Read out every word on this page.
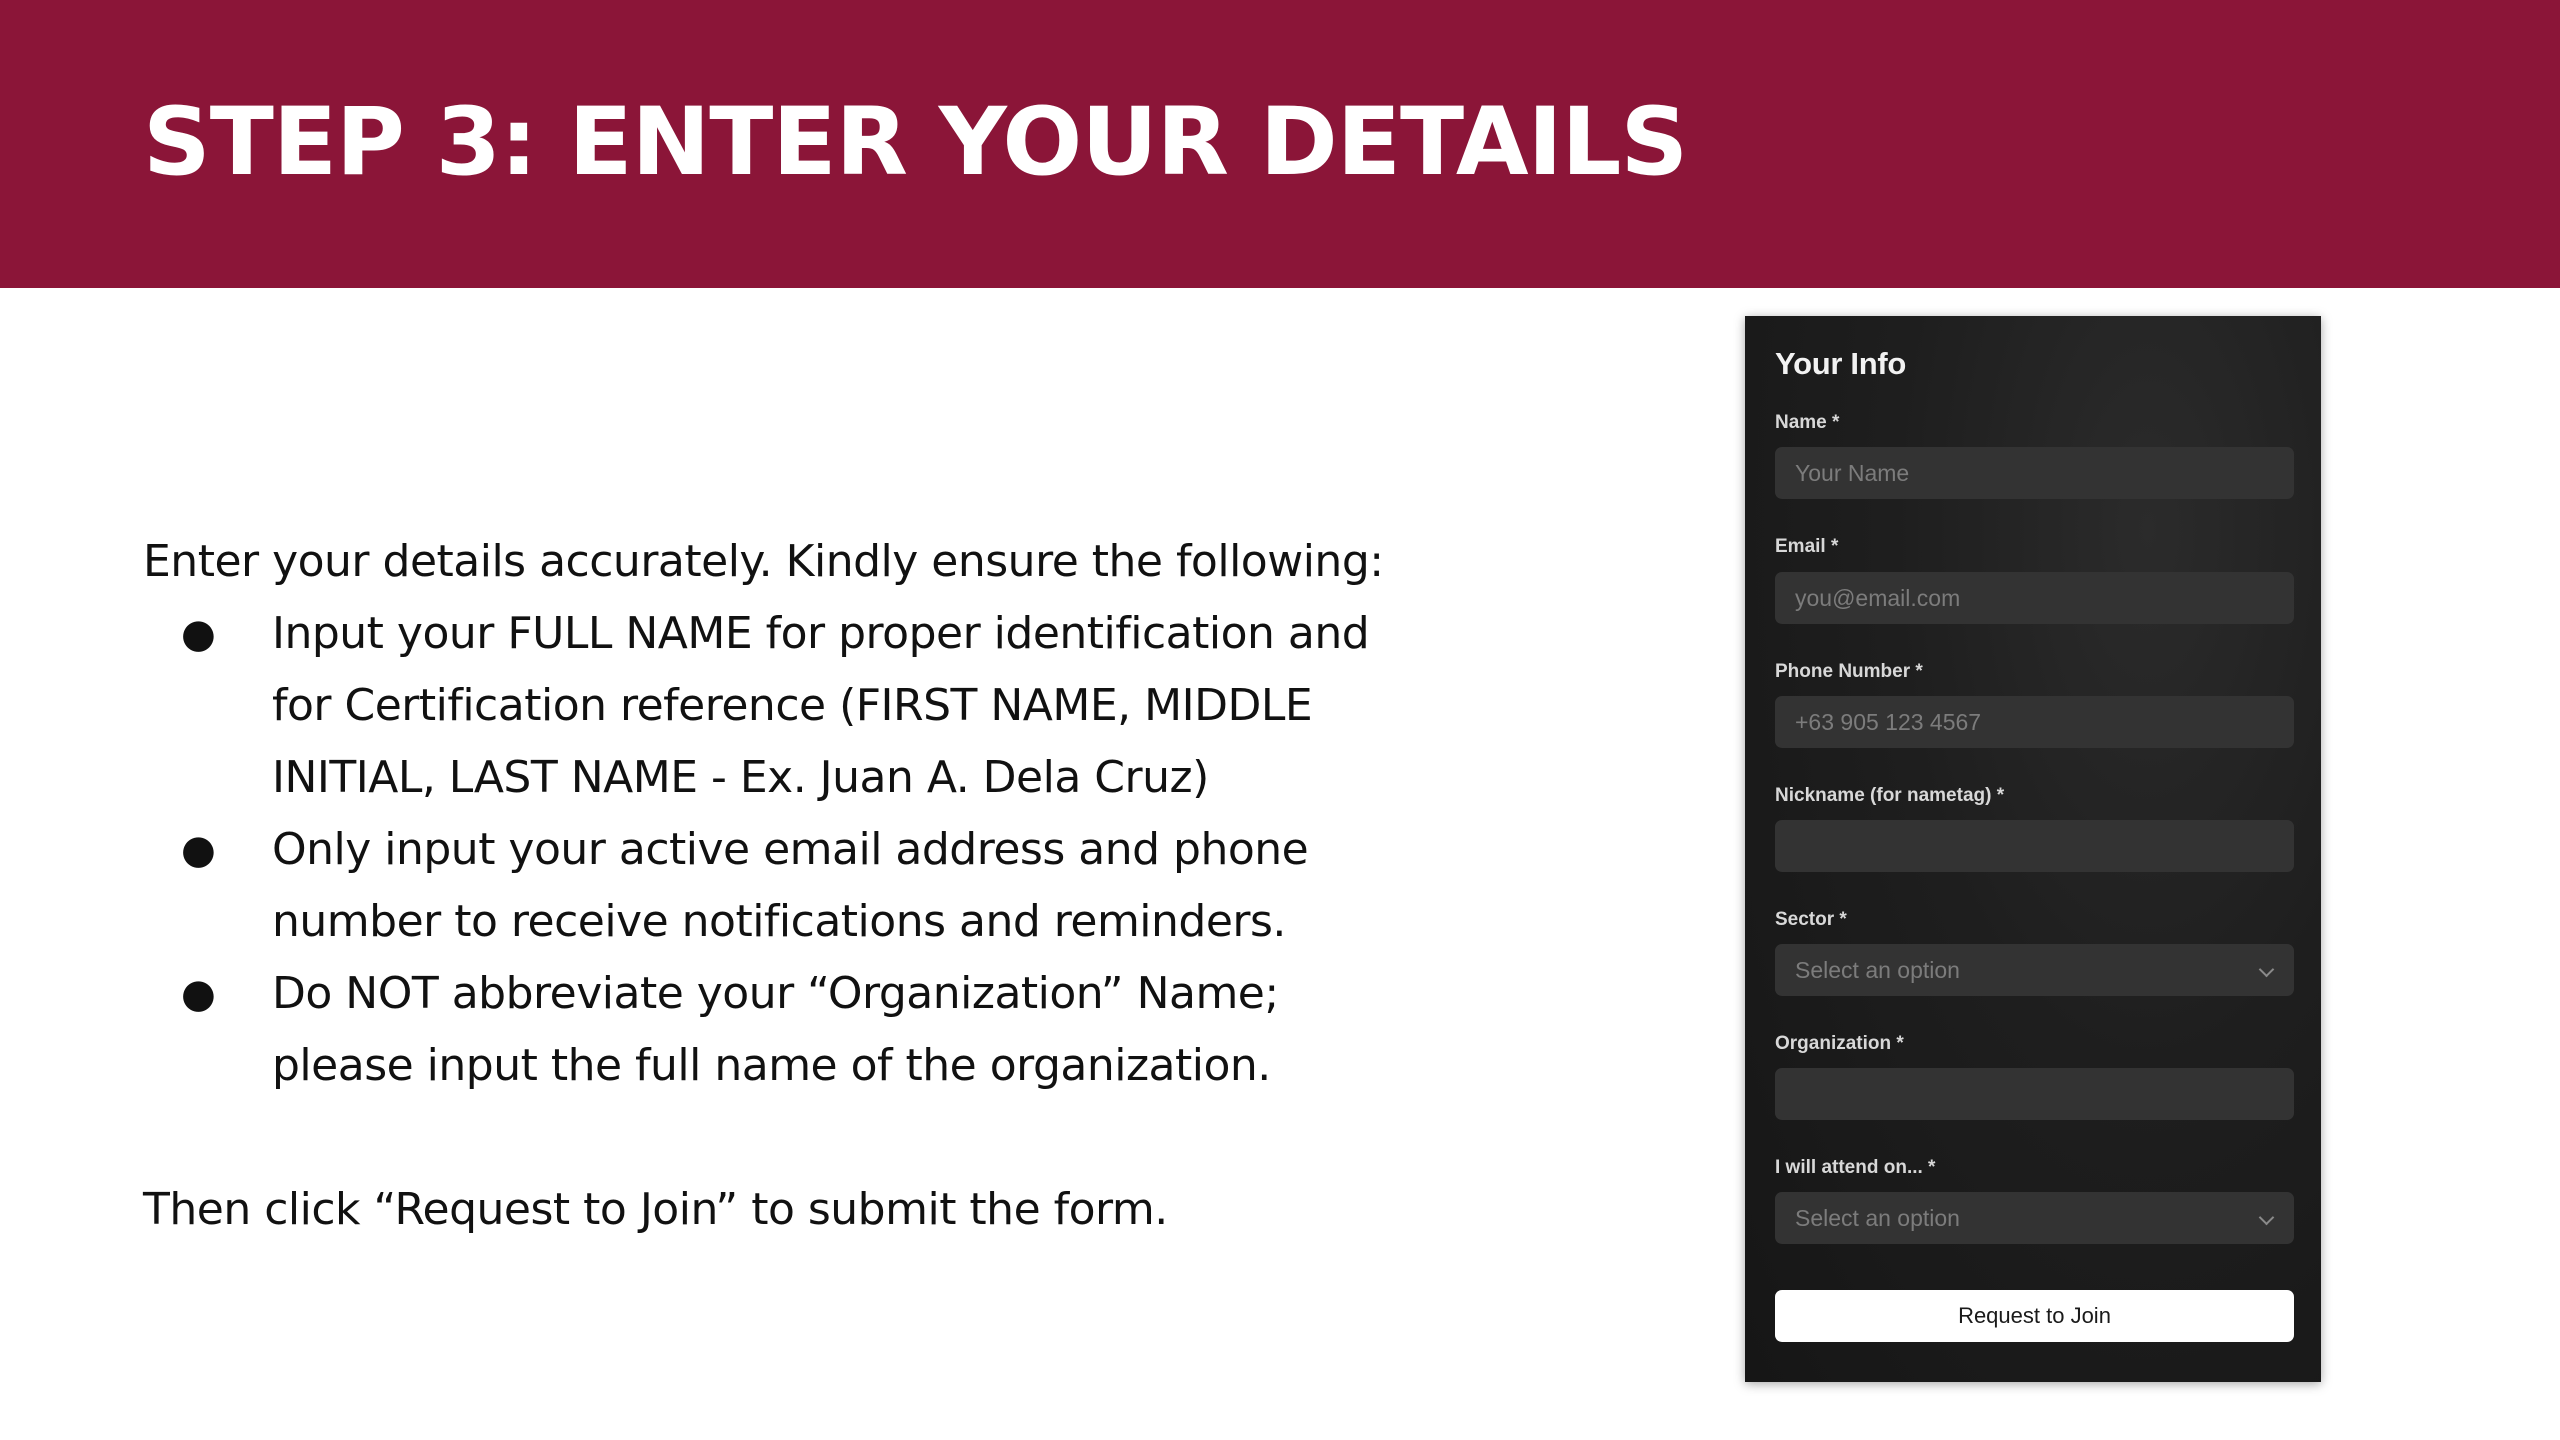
STEP 3: ENTER YOUR DETAILS

Enter your details accurately. Kindly ensure the following:

● Input your FULL NAME for proper identification and
for Certification reference (FIRST NAME, MIDDLE
INITIAL, LAST NAME - Ex. Juan A. Dela Cruz)
● Only input your active email address and phone
number to receive notifications and reminders.
● Do NOT abbreviate your “Organization” Name;
please input the full name of the organization.

Then click “Request to Join” to submit the form.

Your Info
Name *
Your Name
Email *
you@email.com
Phone Number *
+63 905 123 4567
Nickname (for nametag) *
Sector *
Select an option
Organization *
I will attend on... *
Select an option
Request to Join
